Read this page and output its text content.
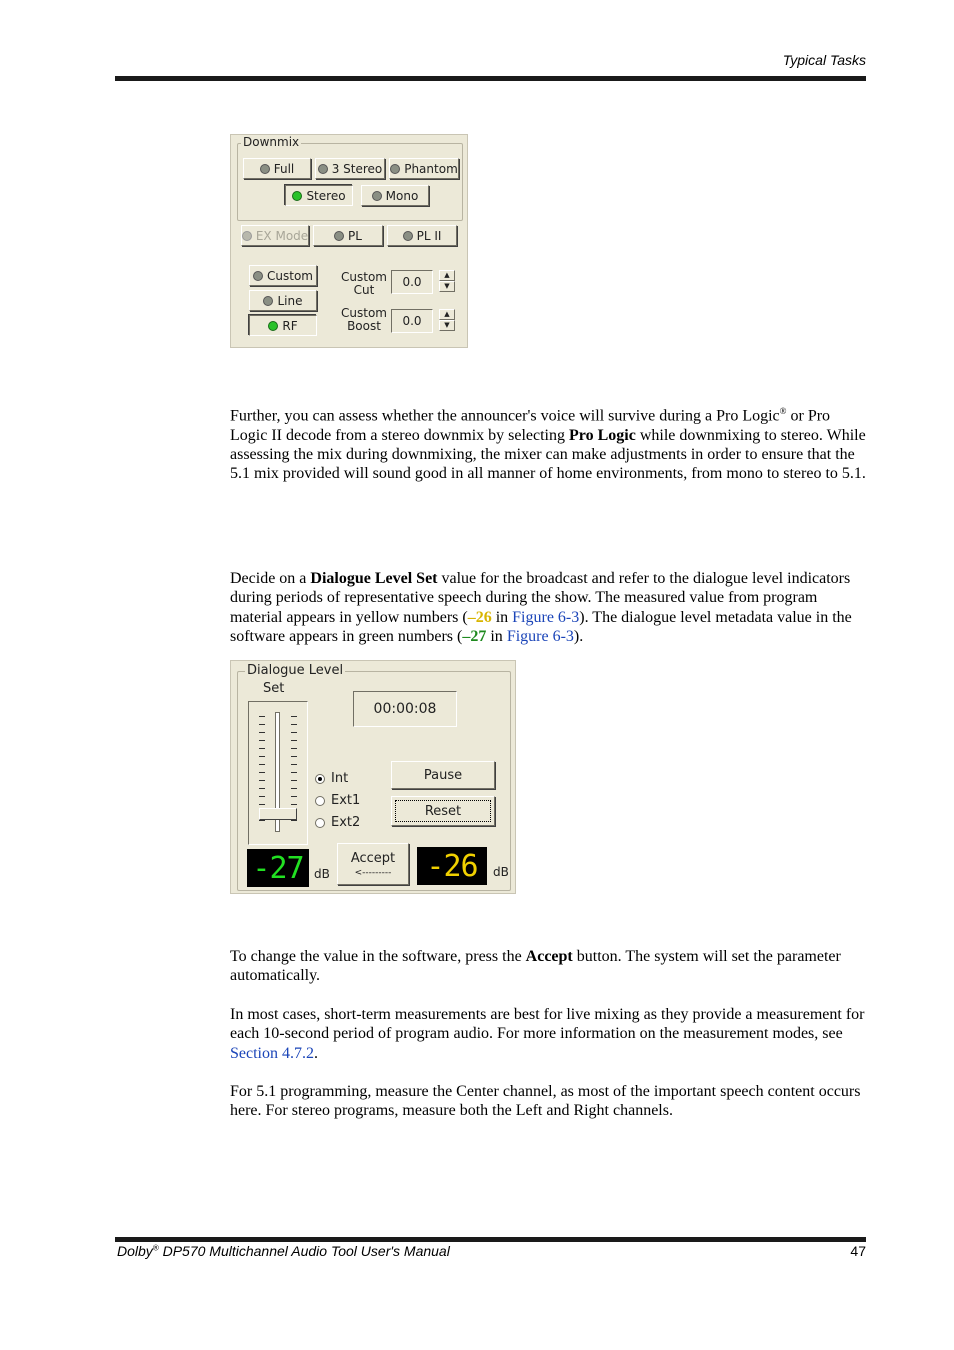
Typical Tasks
Downmix
Full	3 Stereo Phantom
Stereo	Mono
EX Mode	PL	PL II
Custom
Line
RF
Custom Cut
0.0	▲
▼
Custom Boost	0.0	▲
▼
Further, you can assess whether the announcer's voice will survive during a Pro Logic® or Pro Logic II decode from a stereo downmix by selecting Pro Logic while downmixing to stereo. While assessing the mix during downmixing, the mixer can make adjustments in order to ensure that the 5.1 mix provided will sound good in all manner of home environments, from mono to stereo to 5.1.
Decide on a Dialogue Level Set value for the broadcast and refer to the dialogue level indicators during periods of representative speech during the show. The measured value from program material appears in yellow numbers (–26 in Figure 6-3). The dialogue level metadata value in the software appears in green numbers (–27 in Figure 6-3).
Dialogue Level
Set
00:00:08
Int
Ext1
Ext2
Pause
Reset
-27 dB
Accept
<--------- -26 dB
To change the value in the software, press the Accept button. The system will set the parameter automatically.
In most cases, short-term measurements are best for live mixing as they provide a measurement for each 10-second period of program audio. For more information on the measurement modes, see Section 4.7.2.
For 5.1 programming, measure the Center channel, as most of the important speech content occurs here. For stereo programs, measure both the Left and Right channels.
Dolby® DP570 Multichannel Audio Tool User's Manual	47
